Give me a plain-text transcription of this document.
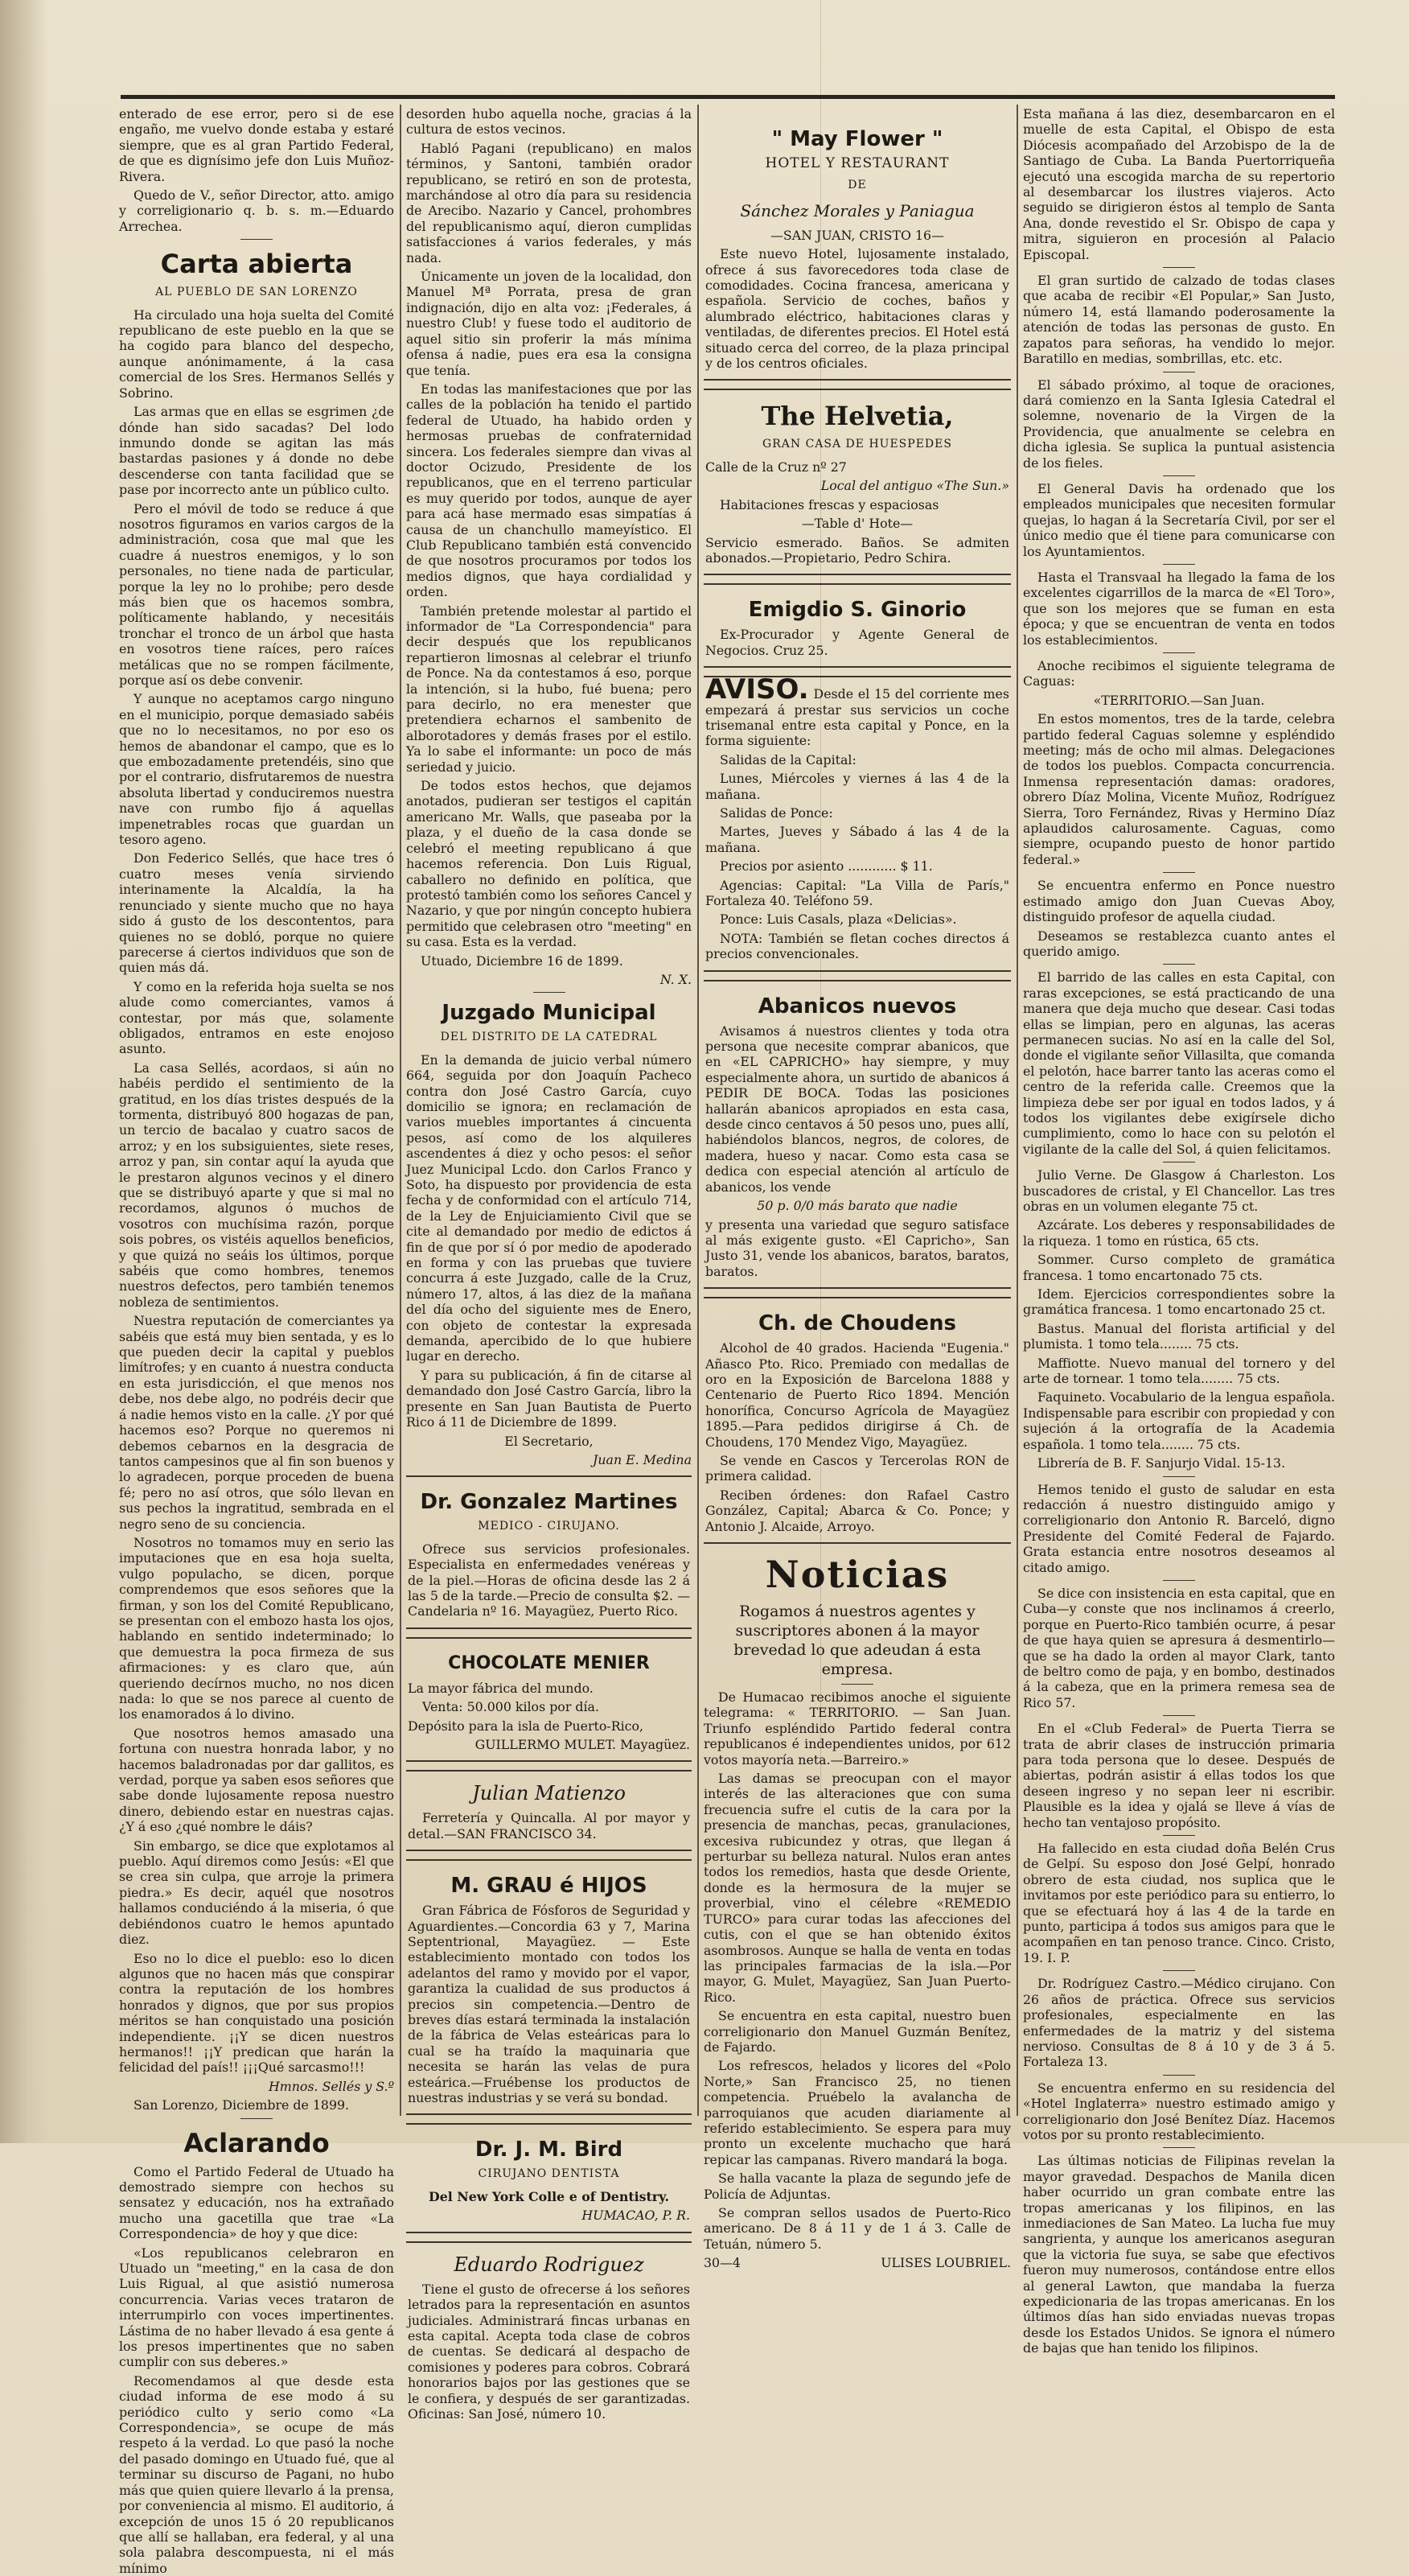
enterado de ese error, pero si de ese engaño, me vuelvo donde estaba y estaré siempre, que es al gran Partido Federal, de que es dignísimo jefe don Luis Muñoz-Rivera.

Quedo de V., señor Director, atto. amigo y correligionario q. b. s. m.—Eduardo Arrechea.

Carta abierta
AL PUEBLO DE SAN LORENZO

Ha circulado una hoja suelta del Comité republicano de este pueblo en la que se ha cogido para blanco del despecho, aunque anónimamente, á la casa comercial de los Sres. Hermanos Sellés y Sobrino.

Las armas que en ellas se esgrimen ¿de dónde han sido sacadas? Del lodo inmundo donde se agitan las más bastardas pasiones y á donde no debe descenderse con tanta facilidad que se pase por incorrecto ante un público culto.

Pero el móvil de todo se reduce á que nosotros figuramos en varios cargos de la administración, cosa que mal que les cuadre á nuestros enemigos, y lo son personales, no tiene nada de particular, porque la ley no lo prohibe; pero desde más bien que os hacemos sombra, políticamente hablando, y necesitáis tronchar el tronco de un árbol que hasta en vosotros tiene raíces, pero raíces metálicas que no se rompen fácilmente, porque así os debe convenir.

Y aunque no aceptamos cargo ninguno en el municipio, porque demasiado sabéis que no lo necesitamos, no por eso os hemos de abandonar el campo, que es lo que embozadamente pretendéis, sino que por el contrario, disfrutaremos de nuestra absoluta libertad y conduciremos nuestra nave con rumbo fijo á aquellas impenetrables rocas que guardan un tesoro ageno.

Don Federico Sellés, que hace tres ó cuatro meses venía sirviendo interinamente la Alcaldía, la ha renunciado y siente mucho que no haya sido á gusto de los descontentos, para quienes no se dobló, porque no quiere parecerse á ciertos individuos que son de quien más dá.

Y como en la referida hoja suelta se nos alude como comerciantes, vamos á contestar, por más que, solamente obligados, entramos en este enojoso asunto.

La casa Sellés, acordaos, si aún no habéis perdido el sentimiento de la gratitud, en los días tristes después de la tormenta, distribuyó 800 hogazas de pan, un tercio de bacalao y cuatro sacos de arroz; y en los subsiguientes, siete reses, arroz y pan, sin contar aquí la ayuda que le prestaron algunos vecinos y el dinero que se distribuyó aparte y que si mal no recordamos, algunos ó muchos de vosotros con muchísima razón, porque sois pobres, os vistéis aquellos beneficios, y que quizá no seáis los últimos, porque sabéis que como hombres, tenemos nuestros defectos, pero también tenemos nobleza de sentimientos.

Nuestra reputación de comerciantes ya sabéis que está muy bien sentada, y es lo que pueden decir la capital y pueblos limítrofes; y en cuanto á nuestra conducta en esta jurisdicción, el que menos nos debe, nos debe algo, no podréis decir que á nadie hemos visto en la calle. ¿Y por qué hacemos eso? Porque no queremos ni debemos cebarnos en la desgracia de tantos campesinos que al fin son buenos y lo agradecen, porque proceden de buena fé; pero no así otros, que sólo llevan en sus pechos la ingratitud, sembrada en el negro seno de su conciencia.

Nosotros no tomamos muy en serio las imputaciones que en esa hoja suelta, vulgo populacho, se dicen, porque comprendemos que esos señores que la firman, y son los del Comité Republicano, se presentan con el embozo hasta los ojos, hablando en sentido indeterminado; lo que demuestra la poca firmeza de sus afirmaciones: y es claro que, aún queriendo decírnos mucho, no nos dicen nada: lo que se nos parece al cuento de los enamorados á lo divino.

Que nosotros hemos amasado una fortuna con nuestra honrada labor, y no hacemos baladronadas por dar gallitos, es verdad, porque ya saben esos señores que sabe donde lujosamente reposa nuestro dinero, debiendo estar en nuestras cajas. ¿Y á eso ¿qué nombre le dáis?

Sin embargo, se dice que explotamos al pueblo. Aquí diremos como Jesús: «El que se crea sin culpa, que arroje la primera piedra.» Es decir, aquél que nosotros hallamos conduciéndo á la miseria, ó que debiéndonos cuatro le hemos apuntado diez.

Eso no lo dice el pueblo: eso lo dicen algunos que no hacen más que conspirar contra la reputación de los hombres honrados y dignos, que por sus propios méritos se han conquistado una posición independiente. ¡¡Y se dicen nuestros hermanos!! ¡¡Y predican que harán la felicidad del país!! ¡¡¡Qué sarcasmo!!!

Hmnos. Sellés y S.º

San Lorenzo, Diciembre de 1899.

Aclarando

Como el Partido Federal de Utuado ha demostrado siempre con hechos su sensatez y educación, nos ha extrañado mucho una gacetilla que trae «La Correspondencia» de hoy y que dice:

«Los republicanos celebraron en Utuado un "meeting," en la casa de don Luis Rigual, al que asistió numerosa concurrencia. Varias veces trataron de interrumpirlo con voces impertinentes. Lástima de no haber llevado á esa gente á los presos impertinentes que no saben cumplir con sus deberes.»

Recomendamos al que desde esta ciudad informa de ese modo á su periódico culto y serio como «La Correspondencia», se ocupe de más respeto á la verdad. Lo que pasó la noche del pasado domingo en Utuado fué, que al terminar su discurso de Pagani, no hubo más que quien quiere llevarlo á la prensa, por conveniencia al mismo. El auditorio, á excepción de unos 15 ó 20 republicanos que allí se hallaban, era federal, y al una sola palabra descompuesta, ni el más mínimo

desorden hubo aquella noche, gracias á la cultura de estos vecinos.

Habló Pagani (republicano) en malos términos, y Santoni, también orador republicano, se retiró en son de protesta, marchándose al otro día para su residencia de Arecibo. Nazario y Cancel, prohombres del republicanismo aquí, dieron cumplidas satisfacciones á varios federales, y más nada.

Únicamente un joven de la localidad, don Manuel Mª Porrata, presa de gran indignación, dijo en alta voz: ¡Federales, á nuestro Club! y fuese todo el auditorio de aquel sitio sin proferir la más mínima ofensa á nadie, pues era esa la consigna que tenía.

En todas las manifestaciones que por las calles de la población ha tenido el partido federal de Utuado, ha habido orden y hermosas pruebas de confraternidad sincera. Los federales siempre dan vivas al doctor Ocizudo, Presidente de los republicanos, que en el terreno particular es muy querido por todos, aunque de ayer para acá hase mermado esas simpatías á causa de un chanchullo mameyístico. El Club Republicano también está convencido de que nosotros procuramos por todos los medios dignos, que haya cordialidad y orden.

También pretende molestar al partido el informador de "La Correspondencia" para decir después que los republicanos repartieron limosnas al celebrar el triunfo de Ponce. Na da contestamos á eso, porque la intención, si la hubo, fué buena; pero para decirlo, no era menester que pretendiera echarnos el sambenito de alborotadores y demás frases por el estilo. Ya lo sabe el informante: un poco de más seriedad y juicio.

De todos estos hechos, que dejamos anotados, pudieran ser testigos el capitán americano Mr. Walls, que paseaba por la plaza, y el dueño de la casa donde se celebró el meeting republicano á que hacemos referencia. Don Luis Rigual, caballero no definido en política, que protestó también como los señores Cancel y Nazario, y que por ningún concepto hubiera permitido que celebrasen otro "meeting" en su casa. Esta es la verdad.

Utuado, Diciembre 16 de 1899.

N. X.

Juzgado Municipal
DEL DISTRITO DE LA CATEDRAL

En la demanda de juicio verbal número 664, seguida por don Joaquín Pacheco contra don José Castro García, cuyo domicilio se ignora; en reclamación de varios muebles importantes á cincuenta pesos, así como de los alquileres ascendentes á diez y ocho pesos: el señor Juez Municipal Lcdo. don Carlos Franco y Soto, ha dispuesto por providencia de esta fecha y de conformidad con el artículo 714, de la Ley de Enjuiciamiento Civil que se cite al demandado por medio de edictos á fin de que por sí ó por medio de apoderado en forma y con las pruebas que tuviere concurra á este Juzgado, calle de la Cruz, número 17, altos, á las diez de la mañana del día ocho del siguiente mes de Enero, con objeto de contestar la expresada demanda, apercibido de lo que hubiere lugar en derecho.

Y para su publicación, á fin de citarse al demandado don José Castro García, libro la presente en San Juan Bautista de Puerto Rico á 11 de Diciembre de 1899.

El Secretario,

Juan E. Medina

Dr. Gonzalez Martines
MEDICO - CIRUJANO.

Ofrece sus servicios profesionales. Especialista en enfermedades venéreas y de la piel.—Horas de oficina desde las 2 á las 5 de la tarde.—Precio de consulta $2. — Candelaria nº 16. Mayagüez, Puerto Rico.

CHOCOLATE MENIER

La mayor fábrica del mundo.

Venta: 50.000 kilos por día.

Depósito para la isla de Puerto-Rico,

GUILLERMO MULET. Mayagüez.

Julian Matienzo

Ferretería y Quincalla. Al por mayor y detal.—SAN FRANCISCO 34.

M. GRAU é HIJOS

Gran Fábrica de Fósforos de Seguridad y Aguardientes.—Concordia 63 y 7, Marina Septentrional, Mayagüez. — Este establecimiento montado con todos los adelantos del ramo y movido por el vapor, garantiza la cualidad de sus productos á precios sin competencia.—Dentro de breves días estará terminada la instalación de la fábrica de Velas esteáricas para lo cual se ha traído la maquinaria que necesita se harán las velas de pura esteárica.—Fruébense los productos de nuestras industrias y se verá su bondad.

Dr. J. M. Bird
CIRUJANO DENTISTA

Del New York Colle e of Dentistry.

HUMACAO, P. R.

Eduardo Rodriguez

Tiene el gusto de ofrecerse á los señores letrados para la representación en asuntos judiciales. Administrará fincas urbanas en esta capital. Acepta toda clase de cobros de cuentas. Se dedicará al despacho de comisiones y poderes para cobros. Cobrará honorarios bajos por las gestiones que se le confiera, y después de ser garantizadas. Oficinas: San José, número 10.

" May Flower "
HOTEL Y RESTAURANT
DE
Sánchez Morales y Paniagua

—SAN JUAN, CRISTO 16—

Este nuevo Hotel, lujosamente instalado, ofrece á sus favorecedores toda clase de comodidades. Cocina francesa, americana y española. Servicio de coches, baños y alumbrado eléctrico, habitaciones claras y ventiladas, de diferentes precios. El Hotel está situado cerca del correo, de la plaza principal y de los centros oficiales.

The Helvetia,
GRAN CASA DE HUESPEDES

Calle de la Cruz nº 27

Local del antiguo «The Sun.»

Habitaciones frescas y espaciosas

—Table d' Hote—

Servicio esmerado. Baños. Se admiten abonados.—Propietario, Pedro Schira.

Emigdio S. Ginorio

Ex-Procurador y Agente General de Negocios. Cruz 25.

AVISO. Desde el 15 del corriente mes empezará á prestar sus servicios un coche trisemanal entre esta capital y Ponce, en la forma siguiente:

Salidas de la Capital:

Lunes, Miércoles y viernes á las 4 de la mañana.

Salidas de Ponce:

Martes, Jueves y Sábado á las 4 de la mañana.

Precios por asiento ............ $ 11.

Agencias: Capital: "La Villa de París," Fortaleza 40. Teléfono 59.

Ponce: Luis Casals, plaza «Delicias».

NOTA: También se fletan coches directos á precios convencionales.

Abanicos nuevos

Avisamos á nuestros clientes y toda otra persona que necesite comprar abanicos, que en «EL CAPRICHO» hay siempre, y muy especialmente ahora, un surtido de abanicos á PEDIR DE BOCA. Todas las posiciones hallarán abanicos apropiados en esta casa, desde cinco centavos á 50 pesos uno, pues allí, habiéndolos blancos, negros, de colores, de madera, hueso y nacar. Como esta casa se dedica con especial atención al artículo de abanicos, los vende

50 p. 0/0 más barato que nadie

y presenta una variedad que seguro satisface al más exigente gusto. «El Capricho», San Justo 31, vende los abanicos, baratos, baratos, baratos.

Ch. de Choudens

Alcohol de 40 grados. Hacienda "Eugenia." Añasco Pto. Rico. Premiado con medallas de oro en la Exposición de Barcelona 1888 y Centenario de Puerto Rico 1894. Mención honorífica, Concurso Agrícola de Mayagüez 1895.—Para pedidos dirigirse á Ch. de Choudens, 170 Mendez Vigo, Mayagüez.

Se vende en Cascos y Tercerolas RON de primera calidad.

Reciben órdenes: don Rafael Castro González, Capital; Abarca & Co. Ponce; y Antonio J. Alcaide, Arroyo.

Noticias

Rogamos á nuestros agentes y suscriptores abonen á la mayor brevedad lo que adeudan á esta empresa.

De Humacao recibimos anoche el siguiente telegrama: « TERRITORIO. — San Juan. Triunfo espléndido Partido federal contra republicanos é independientes unidos, por 612 votos mayoría neta.—Barreiro.»

Las damas se preocupan con el mayor interés de las alteraciones que con suma frecuencia sufre el cutis de la cara por la presencia de manchas, pecas, granulaciones, excesiva rubicundez y otras, que llegan á perturbar su belleza natural. Nulos eran antes todos los remedios, hasta que desde Oriente, donde es la hermosura de la mujer se proverbial, vino el célebre «REMEDIO TURCO» para curar todas las afecciones del cutis, con el que se han obtenido éxitos asombrosos. Aunque se halla de venta en todas las principales farmacias de la isla.—Por mayor, G. Mulet, Mayagüez, San Juan Puerto-Rico.

Se encuentra en esta capital, nuestro buen correligionario don Manuel Guzmán Benítez, de Fajardo.

Los refrescos, helados y licores del «Polo Norte,» San Francisco 25, no tienen competencia. Pruébelo la avalancha de parroquianos que acuden diariamente al referido establecimiento. Se espera para muy pronto un excelente muchacho que hará repicar las campanas. Rivero mandará la boga.

Se halla vacante la plaza de segundo jefe de Policía de Adjuntas.

Se compran sellos usados de Puerto-Rico americano. De 8 á 11 y de 1 á 3. Calle de Tetuán, número 5.

30—4	ULISES LOUBRIEL.

Esta mañana á las diez, desembarcaron en el muelle de esta Capital, el Obispo de esta Diócesis acompañado del Arzobispo de la de Santiago de Cuba. La Banda Puertorriqueña ejecutó una escogida marcha de su repertorio al desembarcar los ilustres viajeros. Acto seguido se dirigieron éstos al templo de Santa Ana, donde revestido el Sr. Obispo de capa y mitra, siguieron en procesión al Palacio Episcopal.

El gran surtido de calzado de todas clases que acaba de recibir «El Popular,» San Justo, número 14, está llamando poderosamente la atención de todas las personas de gusto. En zapatos para señoras, ha vendido lo mejor. Baratillo en medias, sombrillas, etc. etc.

El sábado próximo, al toque de oraciones, dará comienzo en la Santa Iglesia Catedral el solemne, novenario de la Virgen de la Providencia, que anualmente se celebra en dicha iglesia. Se suplica la puntual asistencia de los fieles.

El General Davis ha ordenado que los empleados municipales que necesiten formular quejas, lo hagan á la Secretaría Civil, por ser el único medio que él tiene para comunicarse con los Ayuntamientos.

Hasta el Transvaal ha llegado la fama de los excelentes cigarrillos de la marca de «El Toro», que son los mejores que se fuman en esta época; y que se encuentran de venta en todos los establecimientos.

Anoche recibimos el siguiente telegrama de Caguas:

«TERRITORIO.—San Juan.

En estos momentos, tres de la tarde, celebra partido federal Caguas solemne y espléndido meeting; más de ocho mil almas. Delegaciones de todos los pueblos. Compacta concurrencia. Inmensa representación damas: oradores, obrero Díaz Molina, Vicente Muñoz, Rodríguez Sierra, Toro Fernández, Rivas y Hermino Díaz aplaudidos calurosamente. Caguas, como siempre, ocupando puesto de honor partido federal.»

Se encuentra enfermo en Ponce nuestro estimado amigo don Juan Cuevas Aboy, distinguido profesor de aquella ciudad.

Deseamos se restablezca cuanto antes el querido amigo.

El barrido de las calles en esta Capital, con raras excepciones, se está practicando de una manera que deja mucho que desear. Casi todas ellas se limpian, pero en algunas, las aceras permanecen sucias. No así en la calle del Sol, donde el vigilante señor Villasilta, que comanda el pelotón, hace barrer tanto las aceras como el centro de la referida calle. Creemos que la limpieza debe ser por igual en todos lados, y á todos los vigilantes debe exigírsele dicho cumplimiento, como lo hace con su pelotón el vigilante de la calle del Sol, á quien felicitamos.

Julio Verne. De Glasgow á Charleston. Los buscadores de cristal, y El Chancellor. Las tres obras en un volumen elegante 75 ct.

Azcárate. Los deberes y responsabilidades de la riqueza. 1 tomo en rústica, 65 cts.

Sommer. Curso completo de gramática francesa. 1 tomo encartonado 75 cts.

Idem. Ejercicios correspondientes sobre la gramática francesa. 1 tomo encartonado 25 ct.

Bastus. Manual del florista artificial y del plumista. 1 tomo tela........ 75 cts.

Maffiotte. Nuevo manual del tornero y del arte de tornear. 1 tomo tela........ 75 cts.

Faquineto. Vocabulario de la lengua española. Indispensable para escribir con propiedad y con sujeción á la ortografía de la Academia española. 1 tomo tela........ 75 cts.

Librería de B. F. Sanjurjo Vidal. 15-13.

Hemos tenido el gusto de saludar en esta redacción á nuestro distinguido amigo y correligionario don Antonio R. Barceló, digno Presidente del Comité Federal de Fajardo. Grata estancia entre nosotros deseamos al citado amigo.

Se dice con insistencia en esta capital, que en Cuba—y conste que nos inclinamos á creerlo, porque en Puerto-Rico también ocurre, á pesar de que haya quien se apresura á desmentirlo—que se ha dado la orden al mayor Clark, tanto de beltro como de paja, y en bombo, destinados á la cabeza, que en la primera remesa sea de Rico 57.

En el «Club Federal» de Puerta Tierra se trata de abrir clases de instrucción primaria para toda persona que lo desee. Después de abiertas, podrán asistir á ellas todos los que deseen ingreso y no sepan leer ni escribir. Plausible es la idea y ojalá se lleve á vías de hecho tan ventajoso propósito.

Ha fallecido en esta ciudad doña Belén Crus de Gelpí. Su esposo don José Gelpí, honrado obrero de esta ciudad, nos suplica que le invitamos por este periódico para su entierro, lo que se efectuará hoy á las 4 de la tarde en punto, participa á todos sus amigos para que le acompañen en tan penoso trance. Cinco. Cristo, 19. I. P.

Dr. Rodríguez Castro.—Médico cirujano. Con 26 años de práctica. Ofrece sus servicios profesionales, especialmente en las enfermedades de la matriz y del sistema nervioso. Consultas de 8 á 10 y de 3 á 5. Fortaleza 13.

Se encuentra enfermo en su residencia del «Hotel Inglaterra» nuestro estimado amigo y correligionario don José Benítez Díaz. Hacemos votos por su pronto restablecimiento.

Las últimas noticias de Filipinas revelan la mayor gravedad. Despachos de Manila dicen haber ocurrido un gran combate entre las tropas americanas y los filipinos, en las inmediaciones de San Mateo. La lucha fue muy sangrienta, y aunque los americanos aseguran que la victoria fue suya, se sabe que efectivos fueron muy numerosos, contándose entre ellos al general Lawton, que mandaba la fuerza expedicionaria de las tropas americanas. En los últimos días han sido enviadas nuevas tropas desde los Estados Unidos. Se ignora el número de bajas que han tenido los filipinos.
